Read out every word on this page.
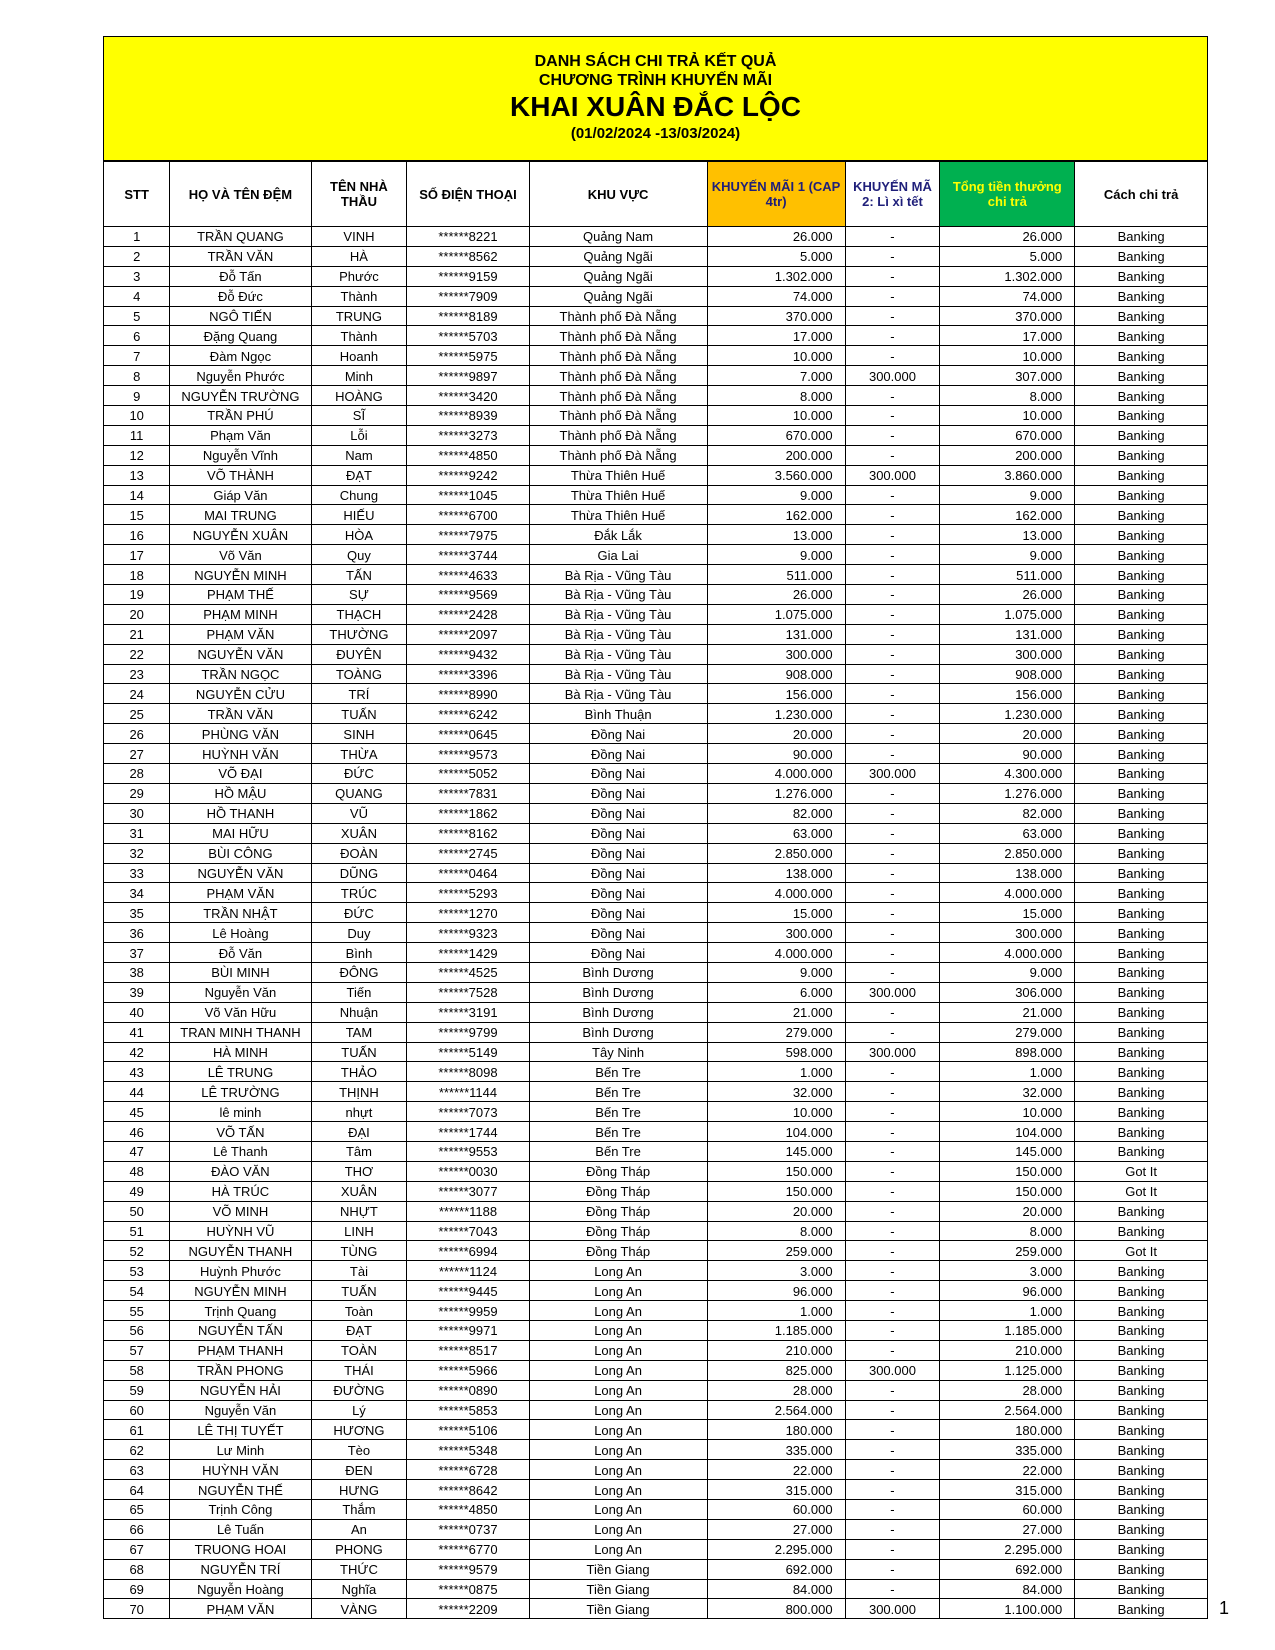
DANH SÁCH CHI TRẢ KẾT QUẢ
CHƯƠNG TRÌNH KHUYẾN MÃI
KHAI XUÂN ĐẮC LỘC
(01/02/2024 -13/03/2024)
STT	HỌ VÀ TÊN ĐỆM	TÊN NHÀ THẦU	SỐ ĐIỆN THOẠI	KHU VỰC	KHUYẾN MÃI 1 (CAP 4tr)	KHUYẾN MÃ 2: Lì xì tết	Tổng tiền thưởng chi trả	Cách chi trả
1	TRẦN QUANG	VINH	******8221	Quảng Nam	26.000	-	26.000	Banking
2	TRẦN VĂN	HÀ	******8562	Quảng Ngãi	5.000	-	5.000	Banking
3	Đỗ Tấn	Phước	******9159	Quảng Ngãi	1.302.000	-	1.302.000	Banking
4	Đỗ Đức	Thành	******7909	Quảng Ngãi	74.000	-	74.000	Banking
5	NGÔ TIẾN	TRUNG	******8189	Thành phố Đà Nẵng	370.000	-	370.000	Banking
6	Đặng Quang	Thành	******5703	Thành phố Đà Nẵng	17.000	-	17.000	Banking
7	Đàm Ngọc	Hoanh	******5975	Thành phố Đà Nẵng	10.000	-	10.000	Banking
8	Nguyễn Phước	Minh	******9897	Thành phố Đà Nẵng	7.000	300.000	307.000	Banking
9	NGUYỄN TRƯỜNG	HOÀNG	******3420	Thành phố Đà Nẵng	8.000	-	8.000	Banking
10	TRẦN PHÚ	SĨ	******8939	Thành phố Đà Nẵng	10.000	-	10.000	Banking
11	Phạm Văn	Lỗi	******3273	Thành phố Đà Nẵng	670.000	-	670.000	Banking
12	Nguyễn Vĩnh	Nam	******4850	Thành phố Đà Nẵng	200.000	-	200.000	Banking
13	VÕ THÀNH	ĐẠT	******9242	Thừa Thiên Huế	3.560.000	300.000	3.860.000	Banking
14	Giáp Văn	Chung	******1045	Thừa Thiên Huế	9.000	-	9.000	Banking
15	MAI TRUNG	HIẾU	******6700	Thừa Thiên Huế	162.000	-	162.000	Banking
16	NGUYỄN XUÂN	HÒA	******7975	Đắk Lắk	13.000	-	13.000	Banking
17	Võ Văn	Quy	******3744	Gia Lai	9.000	-	9.000	Banking
18	NGUYỄN MINH	TẤN	******4633	Bà Rịa - Vũng Tàu	511.000	-	511.000	Banking
19	PHẠM THẾ	SỰ	******9569	Bà Rịa - Vũng Tàu	26.000	-	26.000	Banking
20	PHẠM MINH	THẠCH	******2428	Bà Rịa - Vũng Tàu	1.075.000	-	1.075.000	Banking
21	PHẠM VĂN	THƯỜNG	******2097	Bà Rịa - Vũng Tàu	131.000	-	131.000	Banking
22	NGUYỄN VĂN	ĐUYÊN	******9432	Bà Rịa - Vũng Tàu	300.000	-	300.000	Banking
23	TRẦN NGỌC	TOÀNG	******3396	Bà Rịa - Vũng Tàu	908.000	-	908.000	Banking
24	NGUYỄN CỬU	TRÍ	******8990	Bà Rịa - Vũng Tàu	156.000	-	156.000	Banking
25	TRẦN VĂN	TUẤN	******6242	Bình Thuận	1.230.000	-	1.230.000	Banking
26	PHÙNG VĂN	SINH	******0645	Đồng Nai	20.000	-	20.000	Banking
27	HUỲNH VĂN	THỪA	******9573	Đồng Nai	90.000	-	90.000	Banking
28	VÕ ĐẠI	ĐỨC	******5052	Đồng Nai	4.000.000	300.000	4.300.000	Banking
29	HỒ MẬU	QUANG	******7831	Đồng Nai	1.276.000	-	1.276.000	Banking
30	HỒ THANH	VŨ	******1862	Đồng Nai	82.000	-	82.000	Banking
31	MAI HỮU	XUÂN	******8162	Đồng Nai	63.000	-	63.000	Banking
32	BÙI CÔNG	ĐOÀN	******2745	Đồng Nai	2.850.000	-	2.850.000	Banking
33	NGUYỄN VĂN	DŨNG	******0464	Đồng Nai	138.000	-	138.000	Banking
34	PHẠM VĂN	TRÚC	******5293	Đồng Nai	4.000.000	-	4.000.000	Banking
35	TRẦN NHẬT	ĐỨC	******1270	Đồng Nai	15.000	-	15.000	Banking
36	Lê Hoàng	Duy	******9323	Đồng Nai	300.000	-	300.000	Banking
37	Đỗ Văn	Bình	******1429	Đồng Nai	4.000.000	-	4.000.000	Banking
38	BÙI MINH	ĐÔNG	******4525	Bình Dương	9.000	-	9.000	Banking
39	Nguyễn Văn	Tiến	******7528	Bình Dương	6.000	300.000	306.000	Banking
40	Võ Văn Hữu	Nhuận	******3191	Bình Dương	21.000	-	21.000	Banking
41	TRAN MINH THANH	TAM	******9799	Bình Dương	279.000	-	279.000	Banking
42	HÀ MINH	TUẤN	******5149	Tây Ninh	598.000	300.000	898.000	Banking
43	LÊ TRUNG	THẢO	******8098	Bến Tre	1.000	-	1.000	Banking
44	LÊ TRƯỜNG	THỊNH	******1144	Bến Tre	32.000	-	32.000	Banking
45	lê minh	nhựt	******7073	Bến Tre	10.000	-	10.000	Banking
46	VÕ TẤN	ĐẠI	******1744	Bến Tre	104.000	-	104.000	Banking
47	Lê Thanh	Tâm	******9553	Bến Tre	145.000	-	145.000	Banking
48	ĐÀO VĂN	THƠ	******0030	Đồng Tháp	150.000	-	150.000	Got It
49	HÀ TRÚC	XUÂN	******3077	Đồng Tháp	150.000	-	150.000	Got It
50	VÕ MINH	NHỰT	******1188	Đồng Tháp	20.000	-	20.000	Banking
51	HUỲNH VŨ	LINH	******7043	Đồng Tháp	8.000	-	8.000	Banking
52	NGUYỄN THANH	TÙNG	******6994	Đồng Tháp	259.000	-	259.000	Got It
53	Huỳnh Phước	Tài	******1124	Long An	3.000	-	3.000	Banking
54	NGUYỄN MINH	TUẤN	******9445	Long An	96.000	-	96.000	Banking
55	Trịnh Quang	Toàn	******9959	Long An	1.000	-	1.000	Banking
56	NGUYỄN TẤN	ĐẠT	******9971	Long An	1.185.000	-	1.185.000	Banking
57	PHẠM THANH	TOÀN	******8517	Long An	210.000	-	210.000	Banking
58	TRẦN PHONG	THÁI	******5966	Long An	825.000	300.000	1.125.000	Banking
59	NGUYỄN HẢI	ĐƯỜNG	******0890	Long An	28.000	-	28.000	Banking
60	Nguyễn Văn	Lý	******5853	Long An	2.564.000	-	2.564.000	Banking
61	LÊ THỊ TUYẾT	HƯƠNG	******5106	Long An	180.000	-	180.000	Banking
62	Lư Minh	Tèo	******5348	Long An	335.000	-	335.000	Banking
63	HUỲNH VĂN	ĐEN	******6728	Long An	22.000	-	22.000	Banking
64	NGUYỄN THẾ	HƯNG	******8642	Long An	315.000	-	315.000	Banking
65	Trịnh Công	Thắm	******4850	Long An	60.000	-	60.000	Banking
66	Lê Tuấn	An	******0737	Long An	27.000	-	27.000	Banking
67	TRUONG HOAI	PHONG	******6770	Long An	2.295.000	-	2.295.000	Banking
68	NGUYỄN TRÍ	THỨC	******9579	Tiền Giang	692.000	-	692.000	Banking
69	Nguyễn Hoàng	Nghĩa	******0875	Tiền Giang	84.000	-	84.000	Banking
70	PHẠM VĂN	VÀNG	******2209	Tiền Giang	800.000	300.000	1.100.000	Banking	1
